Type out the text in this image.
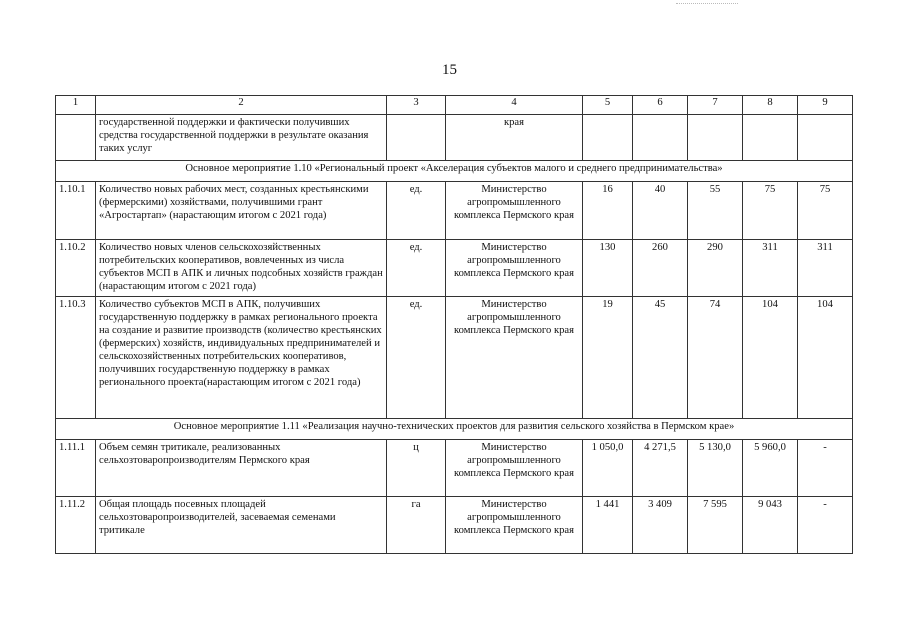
15
1	2	3	4	5	6	7	8	9
	государственной поддержки и фактически получивших средства государственной поддержки в результате оказания таких услуг		края					
Основное мероприятие 1.10 «Региональный проект «Акселерация субъектов малого и среднего предпринимательства»								
1.10.1	Количество новых рабочих мест, созданных крестьянскими (фермерскими) хозяйствами, получившими грант «Агростартап» (нарастающим итогом с 2021 года)	ед.	Министерство агропромышленного комплекса Пермского края	16	40	55	75	75
1.10.2	Количество новых членов сельскохозяйственных потребительских кооперативов, вовлеченных из числа субъектов МСП в АПК и личных подсобных хозяйств граждан (нарастающим итогом с 2021 года)	ед.	Министерство агропромышленного комплекса Пермского края	130	260	290	311	311
1.10.3	Количество субъектов МСП в АПК, получивших государственную поддержку в рамках регионального проекта на создание и развитие производств (количество крестьянских (фермерских) хозяйств, индивидуальных предпринимателей и сельскохозяйственных потребительских кооперативов, получивших государственную поддержку в рамках регионального проекта(нарастающим итогом с 2021 года)	ед.	Министерство агропромышленного комплекса Пермского края	19	45	74	104	104
Основное мероприятие 1.11 «Реализация научно-технических проектов для развития сельского хозяйства в Пермском крае»								
1.11.1	Объем семян тритикале, реализованных сельхозтоваропроизводителям Пермского края	ц	Министерство агропромышленного комплекса Пермского края	1 050,0	4 271,5	5 130,0	5 960,0	-
1.11.2	Общая площадь посевных площадей сельхозтоваропроизводителей, засеваемая семенами тритикале	га	Министерство агропромышленного комплекса Пермского края	1 441	3 409	7 595	9 043	-
